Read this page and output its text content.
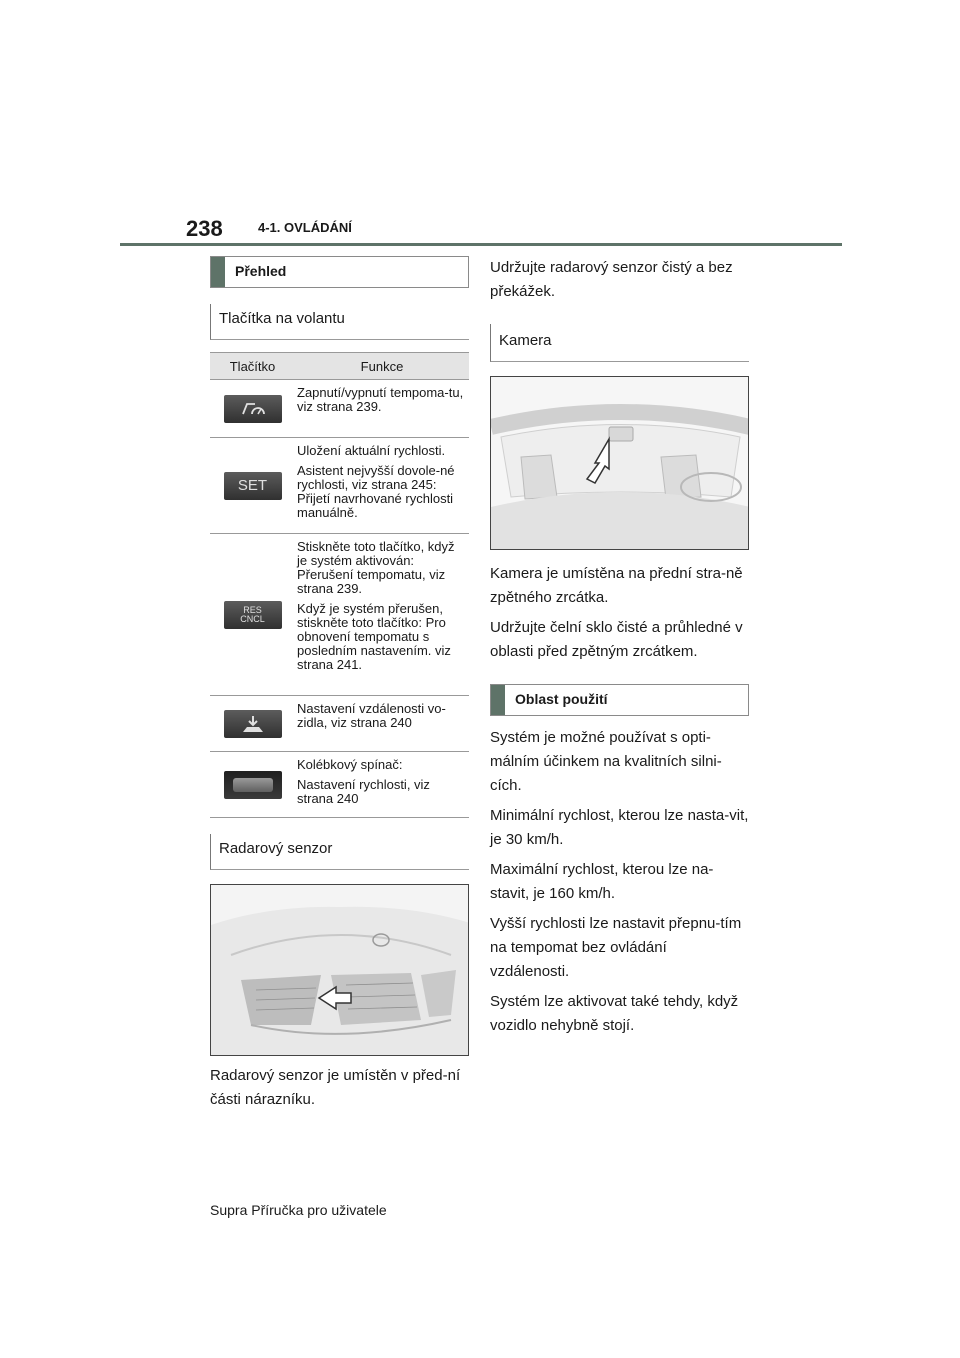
238	4-1. OVLÁDÁNÍ
Přehled
Tlačítka na volantu
Tlačítko	Funkce

Zapnutí/vypnutí tempoma-tu, viz strana 239.

SET

Uložení aktuální rychlosti.

Asistent nejvyšší dovole-né rychlosti, viz strana 245: Přijetí navrhované rychlosti manuálně.

RES CNCL

Stiskněte toto tlačítko, když je systém aktivován: Přerušení tempomatu, viz strana 239.

Když je systém přerušen, stiskněte toto tlačítko: Pro obnovení tempomatu s posledním nastavením. viz strana 241.

Nastavení vzdálenosti vo-zidla, viz strana 240

Kolébkový spínač:

Nastavení rychlosti, viz strana 240

Radarový senzor
Radarový senzor je umístěn v před-ní části nárazníku.
Udržujte radarový senzor čistý a bez překážek.
Kamera
Kamera je umístěna na přední stra-ně zpětného zrcátka.
Udržujte čelní sklo čisté a průhledné v oblasti před zpětným zrcátkem.
Oblast použití
Systém je možné používat s opti-málním účinkem na kvalitních silni-cích.
Minimální rychlost, kterou lze nasta-vit, je 30 km/h.
Maximální rychlost, kterou lze na-stavit, je 160 km/h.
Vyšší rychlosti lze nastavit přepnu-tím na tempomat bez ovládání vzdálenosti.
Systém lze aktivovat také tehdy, když vozidlo nehybně stojí.
Supra Příručka pro uživatele
